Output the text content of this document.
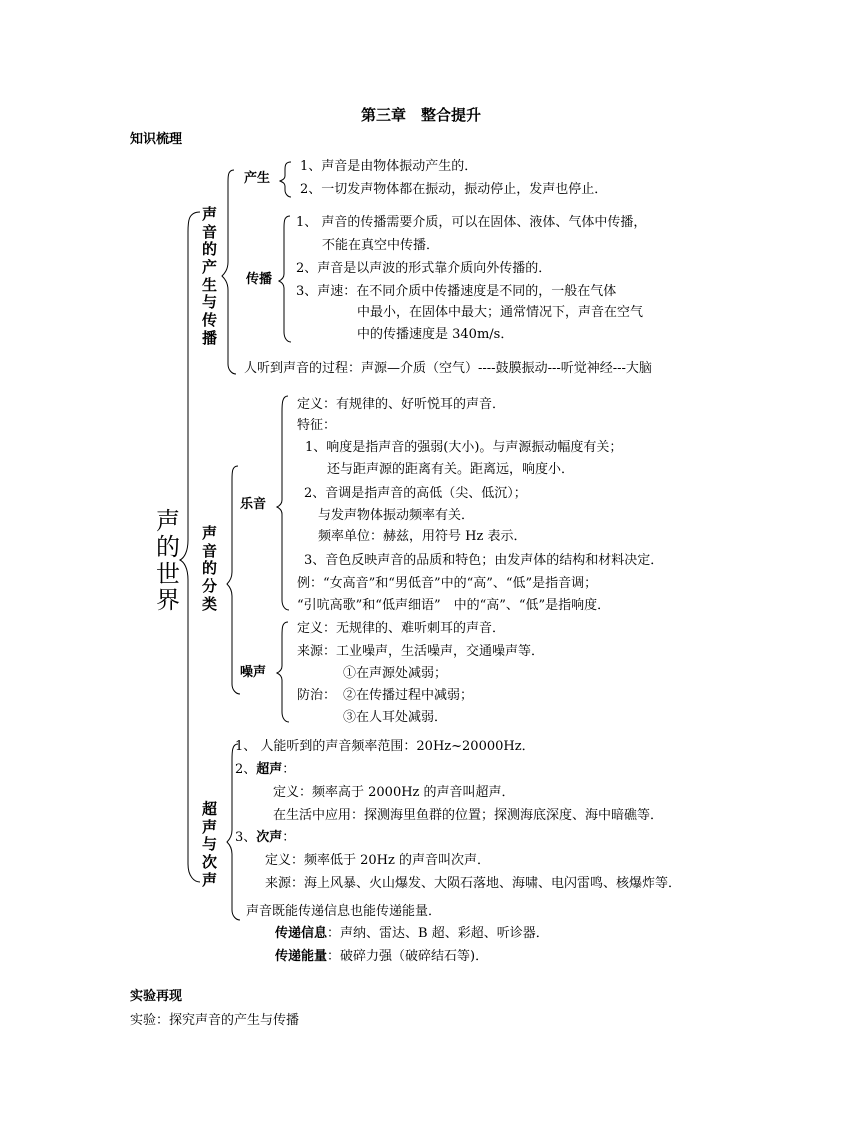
第三章　整合提升
知识梳理
声的世界
声音的产生与传播
产生
1、声音是由物体振动产生的．
2、一切发声物体都在振动，振动停止，发声也停止．
传播
1、 声音的传播需要介质，可以在固体、液体、气体中传播，
不能在真空中传播．
2、声音是以声波的形式靠介质向外传播的．
3、声速：在不同介质中传播速度是不同的，一般在气体
中最小，在固体中最大；通常情况下，声音在空气
中的传播速度是 340m/s．
人听到声音的过程：声源—介质（空气）----鼓膜振动---听觉神经---大脑
声音的分类
乐音
定义：有规律的、好听悦耳的声音．
特征：
1、响度是指声音的强弱(大小)。与声源振动幅度有关；
还与距声源的距离有关。距离远，响度小．
2、音调是指声音的高低（尖、低沉）；
与发声物体振动频率有关．
频率单位：赫兹，用符号 Hz 表示．
3、音色反映声音的品质和特色；由发声体的结构和材料决定．
例：“女高音”和“男低音”中的“高”、“低”是指音调；
“引吭高歌”和“低声细语”　中的“高”、“低”是指响度．
噪声
定义：无规律的、难听刺耳的声音．
来源：工业噪声，生活噪声，交通噪声等．
①在声源处减弱；
防治： ②在传播过程中减弱；
③在人耳处减弱．
超声与次声
1、 人能听到的声音频率范围：20Hz~20000Hz．
2、超声：
定义：频率高于 2000Hz 的声音叫超声．
在生活中应用：探测海里鱼群的位置；探测海底深度、海中暗礁等．
3、次声：
定义：频率低于 20Hz 的声音叫次声．
来源：海上风暴、火山爆发、大陨石落地、海啸、电闪雷鸣、核爆炸等．
声音既能传递信息也能传递能量．
传递信息：声纳、雷达、B 超、彩超、听诊器．
传递能量：破碎力强（破碎结石等)．
实验再现
实验：探究声音的产生与传播
